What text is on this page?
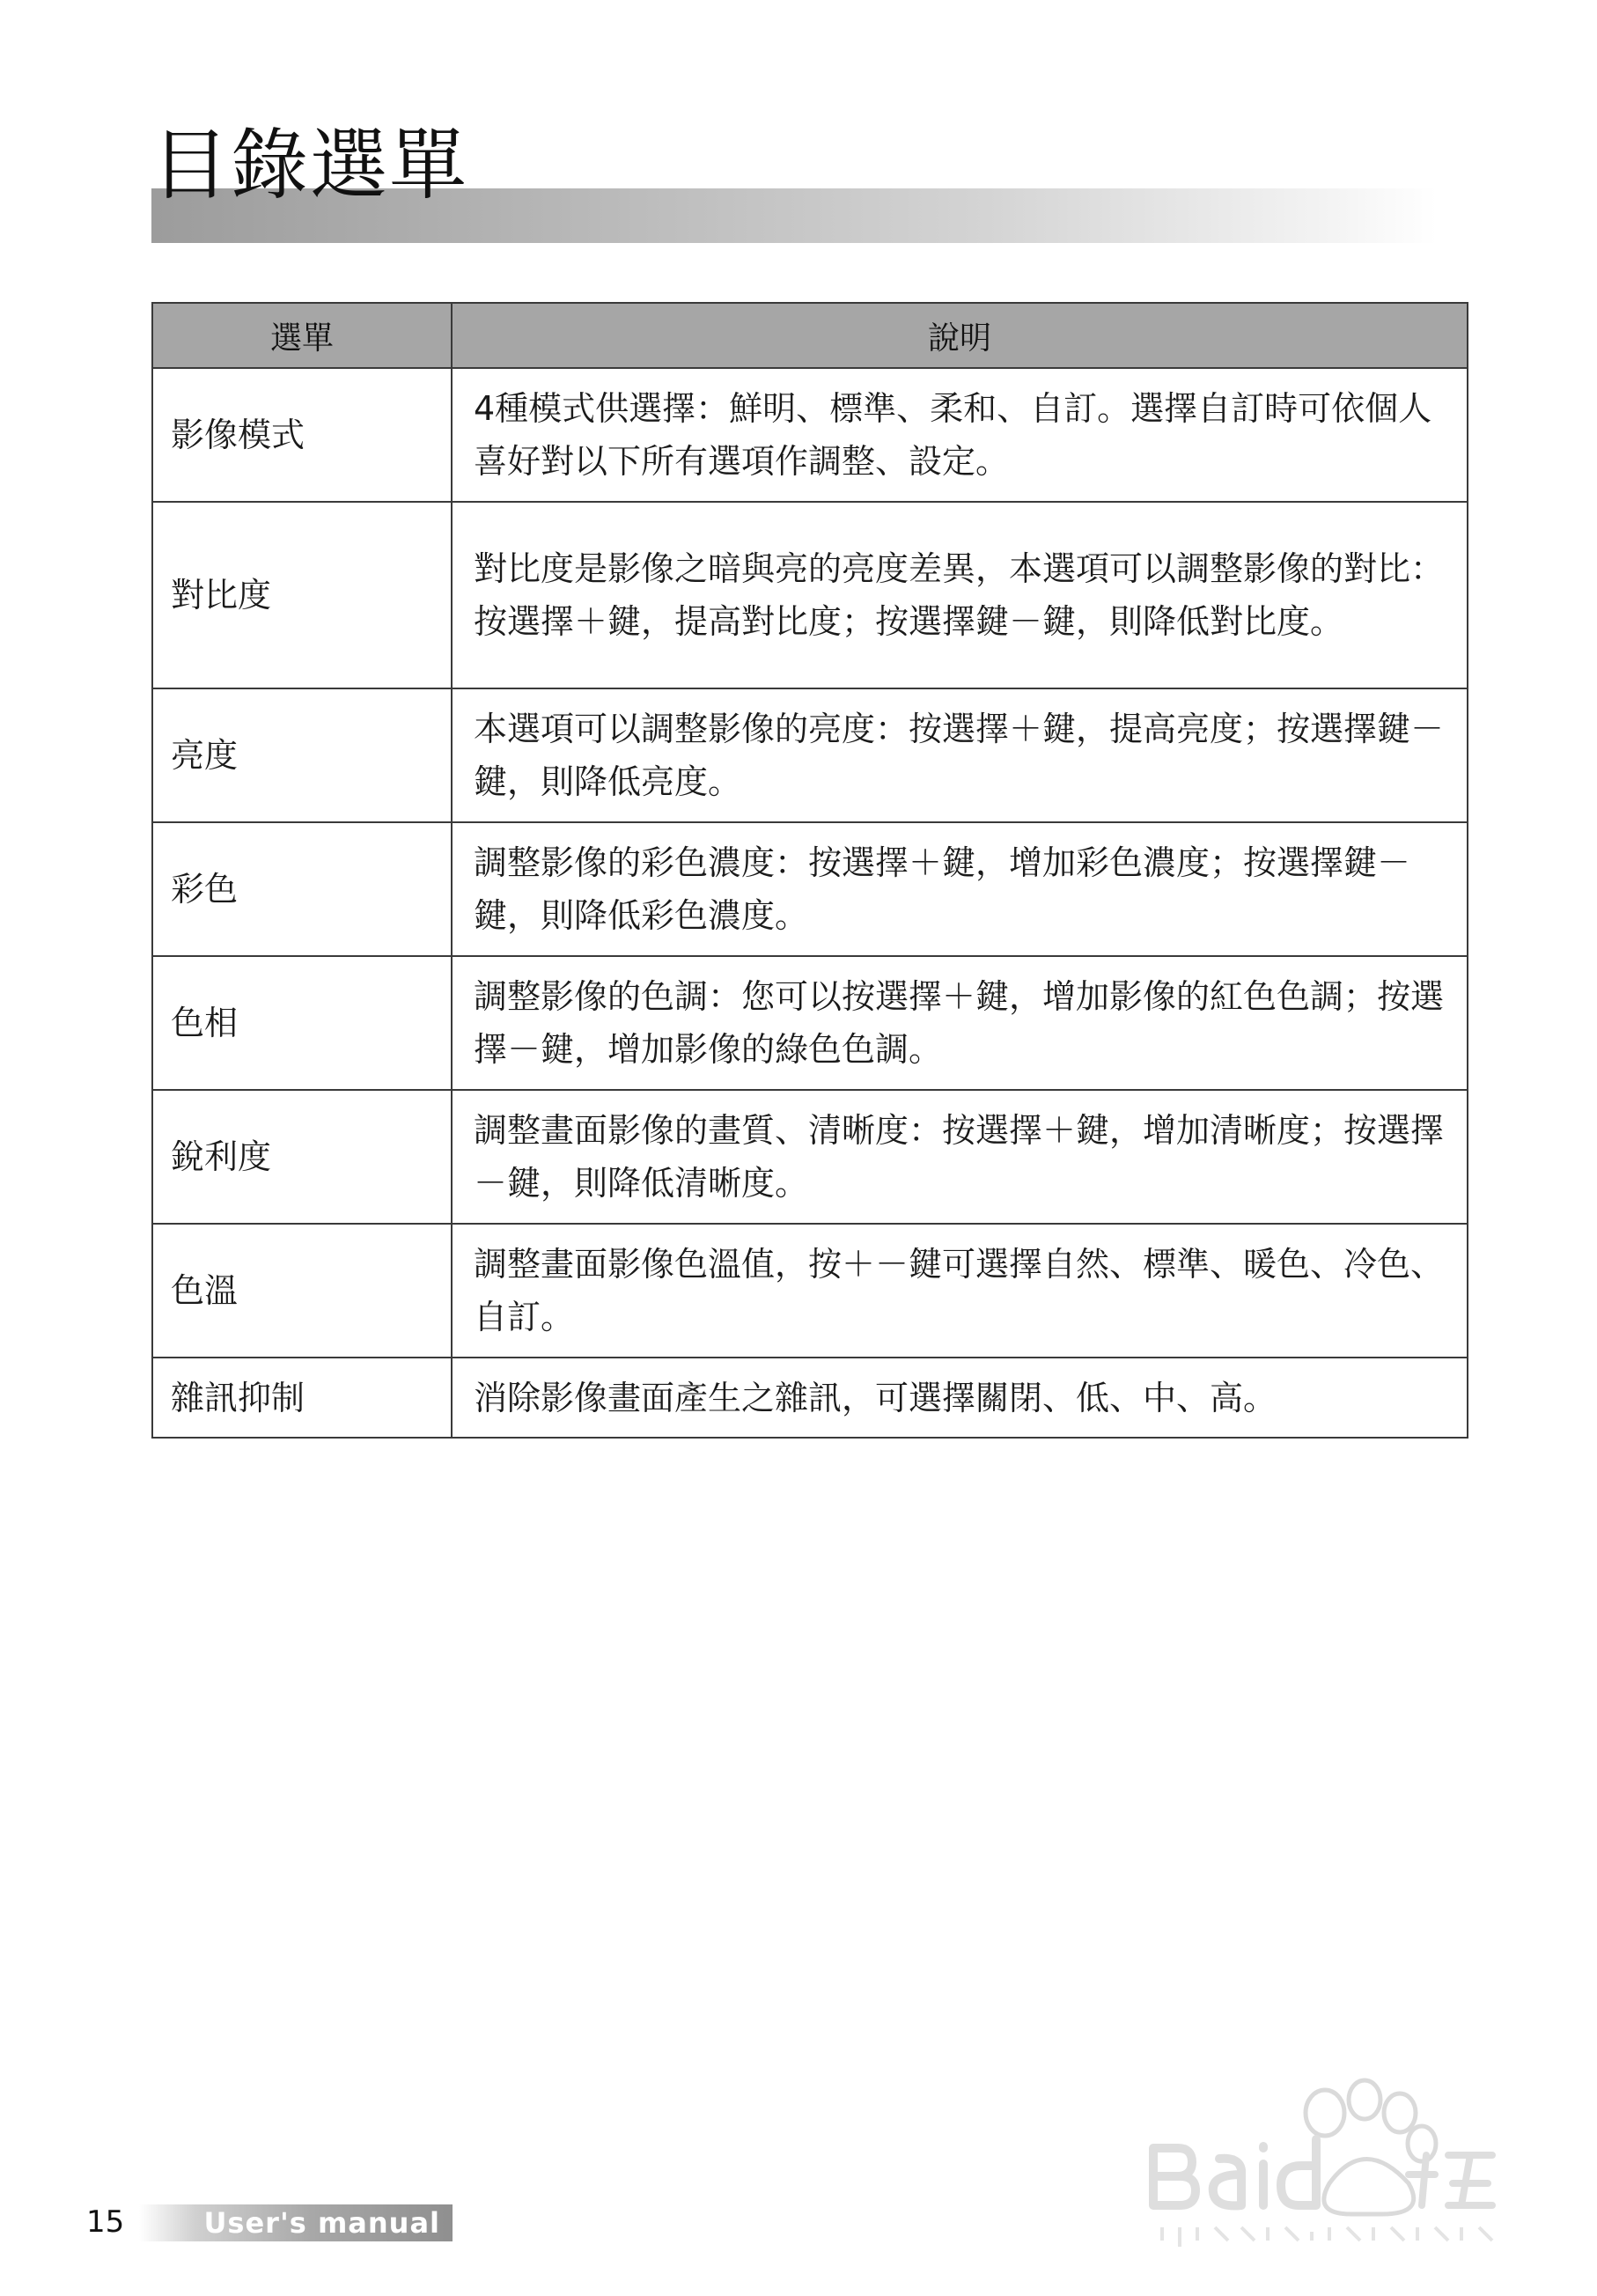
目錄選單
選單	說明
影像模式	4種模式供選擇：鮮明、標準、柔和、自訂。選擇自訂時可依個人喜好對以下所有選項作調整、設定。
對比度	對比度是影像之暗與亮的亮度差異，本選項可以調整影像的對比：按選擇＋鍵，提高對比度；按選擇鍵－鍵，則降低對比度。
亮度	本選項可以調整影像的亮度：按選擇＋鍵，提高亮度；按選擇鍵－鍵，則降低亮度。
彩色	調整影像的彩色濃度：按選擇＋鍵，增加彩色濃度；按選擇鍵－鍵，則降低彩色濃度。
色相	調整影像的色調：您可以按選擇＋鍵，增加影像的紅色色調；按選擇－鍵，增加影像的綠色色調。
銳利度	調整畫面影像的畫質、清晰度：按選擇＋鍵，增加清晰度；按選擇－鍵，則降低清晰度。
色溫	調整畫面影像色溫值，按＋－鍵可選擇自然、標準、暖色、冷色、自訂。
雜訊抑制	消除影像畫面產生之雜訊，可選擇關閉、低、中、高。
15	User's manual
